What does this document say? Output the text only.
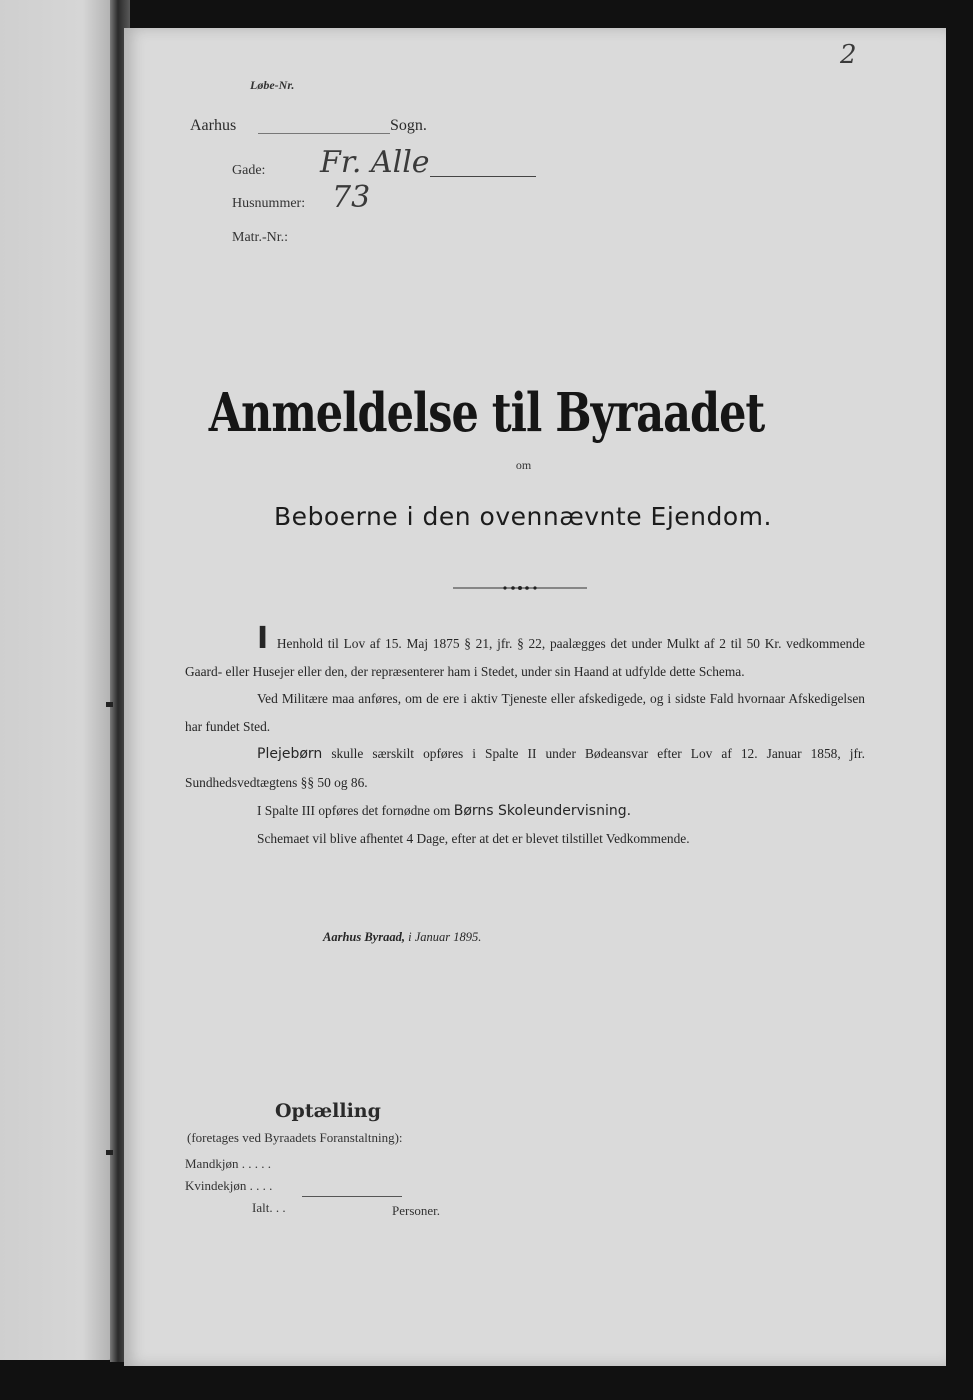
2
Løbe-Nr.
Aarhus	Sogn.
Gade: Fr. Alle
Husnummer: 73
Matr.-Nr.:
Anmeldelse til Byraadet
om
Beboerne i den ovennævnte Ejendom.

I Henhold til Lov af 15. Maj 1875 § 21, jfr. § 22, paalægges det under Mulkt af 2 til 50 Kr. vedkommende Gaard- eller Husejer eller den, der repræsenterer ham i Stedet, under sin Haand at udfylde dette Schema.

Ved Militære maa anføres, om de ere i aktiv Tjeneste eller afskedigede, og i sidste Fald hvornaar Afskedigelsen har fundet Sted.

Plejebørn skulle særskilt opføres i Spalte II under Bødeansvar efter Lov af 12. Januar 1858, jfr. Sundhedsvedtægtens §§ 50 og 86.

I Spalte III opføres det fornødne om Børns Skoleundervisning.

Schemaet vil blive afhentet 4 Dage, efter at det er blevet tilstillet Vedkommende.

Aarhus Byraad, i Januar 1895.
Optælling
(foretages ved Byraadets Foranstaltning):
Mandkjøn . . . . .
Kvindekjøn . . . .
Ialt. . .	Personer.
